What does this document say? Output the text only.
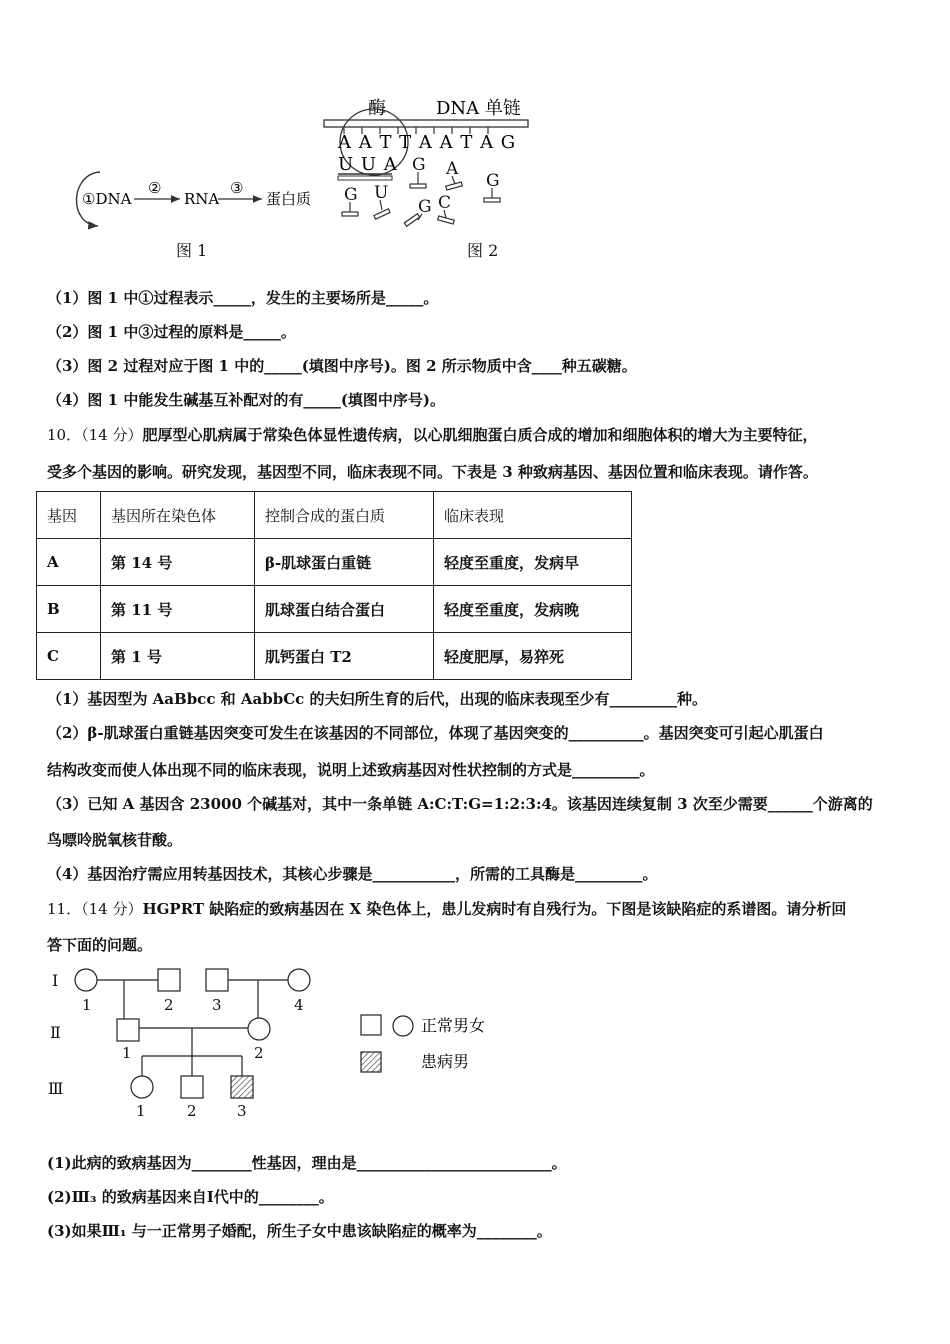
①DNA
②
RNA
③
蛋白质
图 1
酶	DNA 单链
A A T T A A T A G
U U A G A
G
G U
G C
图 2
（1）图 1 中①过程表示_____，发生的主要场所是_____。
（2）图 1 中③过程的原料是_____。
（3）图 2 过程对应于图 1 中的_____(填图中序号)。图 2 所示物质中含____种五碳糖。
（4）图 1 中能发生碱基互补配对的有_____(填图中序号)。
10．（14 分）肥厚型心肌病属于常染色体显性遗传病，以心肌细胞蛋白质合成的增加和细胞体积的增大为主要特征，
受多个基因的影响。研究发现，基因型不同，临床表现不同。下表是 3 种致病基因、基因位置和临床表现。请作答。
基因	基因所在染色体	控制合成的蛋白质	临床表现
A	第 14 号	β-肌球蛋白重链	轻度至重度，发病早
B	第 11 号	肌球蛋白结合蛋白	轻度至重度，发病晚
C	第 1 号	肌钙蛋白 T2	轻度肥厚，易猝死
（1）基因型为 AaBbcc 和 AabbCc 的夫妇所生育的后代，出现的临床表现至少有_________种。
（2）β-肌球蛋白重链基因突变可发生在该基因的不同部位，体现了基因突变的__________。基因突变可引起心肌蛋白
结构改变而使人体出现不同的临床表现，说明上述致病基因对性状控制的方式是_________。
（3）已知 A 基因含 23000 个碱基对，其中一条单链 A:C:T:G=1:2:3:4。该基因连续复制 3 次至少需要______个游离的
鸟嘌呤脱氧核苷酸。
（4）基因治疗需应用转基因技术，其核心步骤是___________，所需的工具酶是_________。
11．（14 分）HGPRT 缺陷症的致病基因在 X 染色体上，患儿发病时有自残行为。下图是该缺陷症的系谱图。请分析回
答下面的问题。
Ⅰ
Ⅱ
Ⅲ
1	2	3	4
1	2
1	2	3
正常男女
患病男
(1)此病的致病基因为________性基因，理由是__________________________。
(2)Ⅲ₃ 的致病基因来自Ⅰ代中的________。
(3)如果Ⅲ₁ 与一正常男子婚配，所生子女中患该缺陷症的概率为________。
